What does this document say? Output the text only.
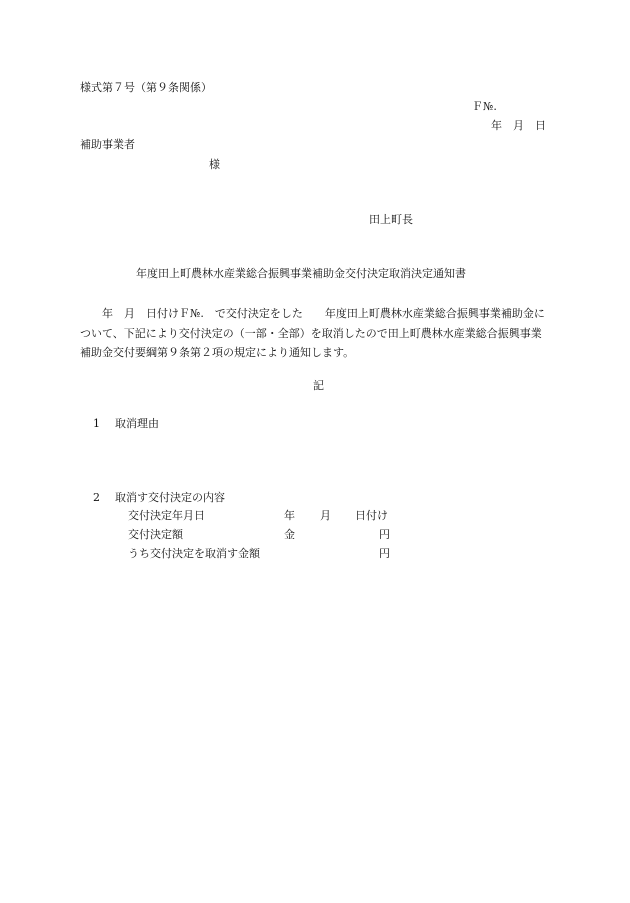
様式第７号（第９条関係）
Ｆ№.
年　月　日
補助事業者
様
田上町長
年度田上町農林水産業総合振興事業補助金交付決定取消決定通知書

年　月　日付けＦ№.　で交付決定をした　　年度田上町農林水産業総合振興事業補助金について、下記により交付決定の（一部・全部）を取消したので田上町農林水産業総合振興事業補助金交付要綱第９条第２項の規定により通知します。

記
1 取消理由
2 取消す交付決定の内容
交付決定年月日	年 月 日付け
交付決定額	金	円
うち交付決定を取消す金額	円
